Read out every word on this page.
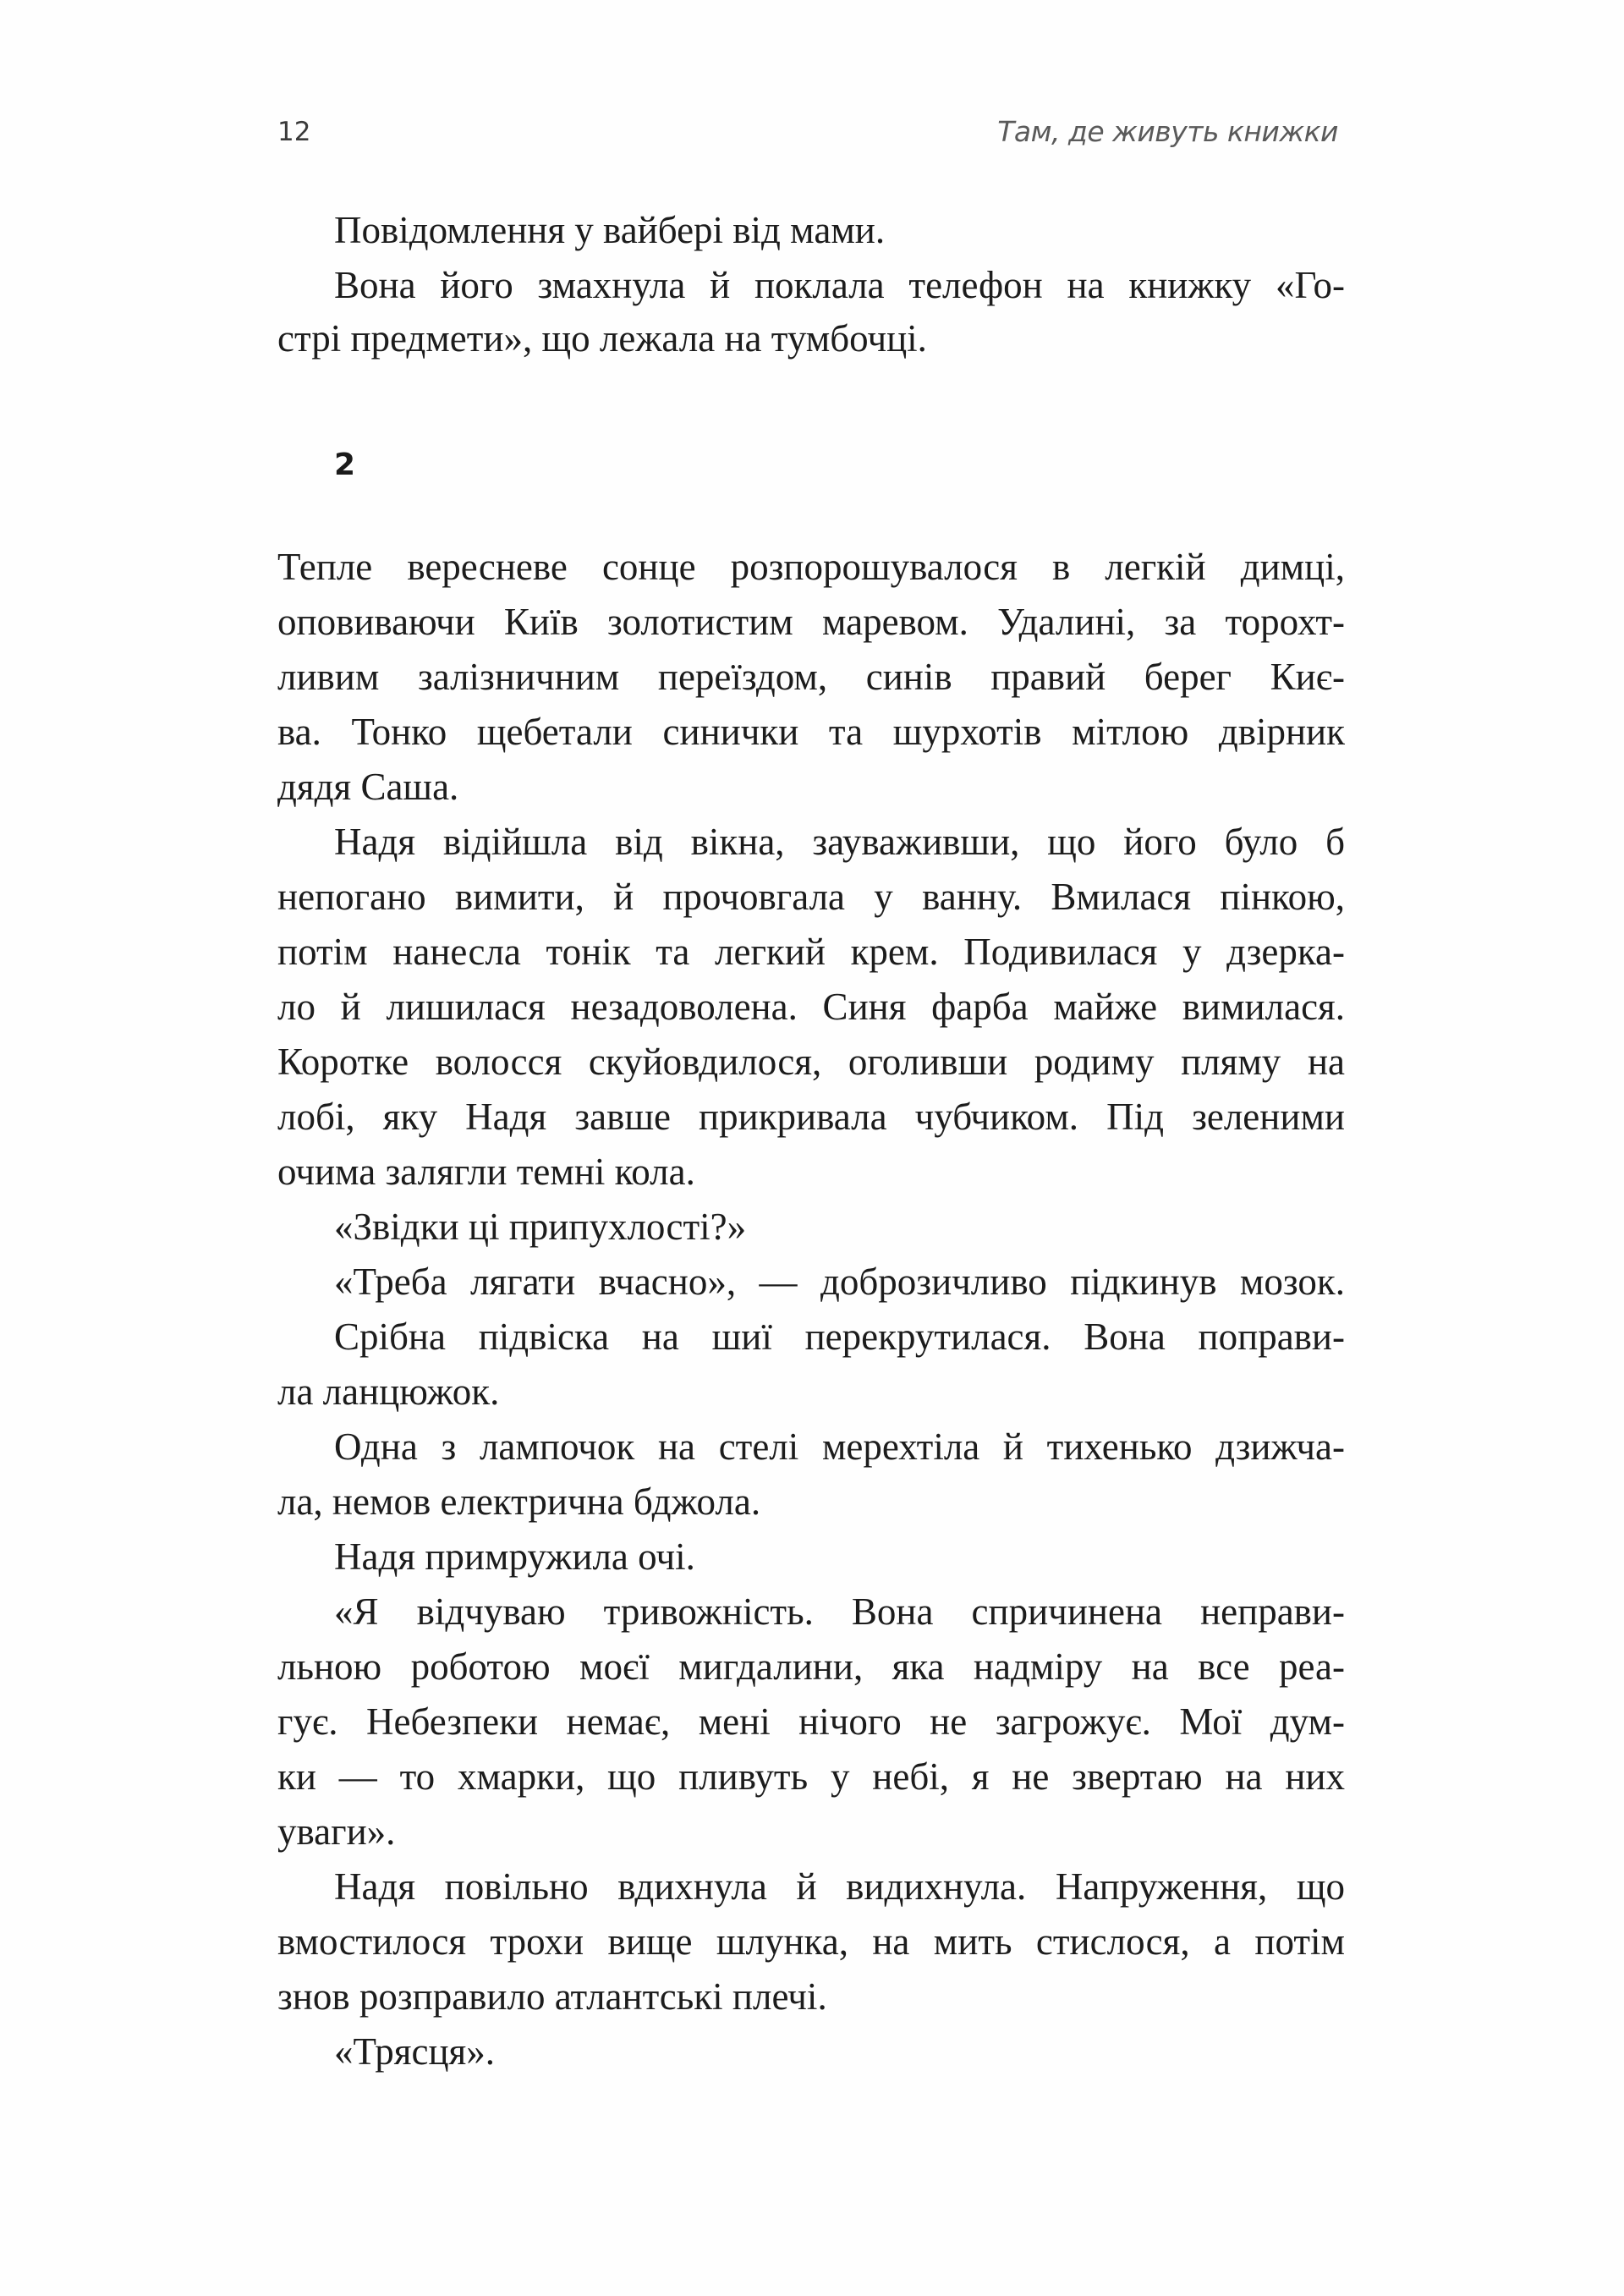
12	Там, де живуть книжки
Повідомлення у вайбері від мами.
Вона його змахнула й поклала телефон на книжку «Го-
стрі предмети», що лежала на тумбочці.
2
Тепле вересневе сонце розпорошувалося в легкій димці,
оповиваючи Київ золотистим маревом. Удалині, за торохт-
ливим залізничним переїздом, синів правий берег Киє-
ва. Тонко щебетали синички та шурхотів мітлою двірник
дядя Саша.
Надя відійшла від вікна, зауваживши, що його було б
непогано вимити, й прочовгала у ванну. Вмилася пінкою,
потім нанесла тонік та легкий крем. Подивилася у дзерка-
ло й лишилася незадоволена. Синя фарба майже вимилася.
Коротке волосся скуйовдилося, оголивши родиму пляму на
лобі, яку Надя завше прикривала чубчиком. Під зеленими
очима залягли темні кола.
«Звідки ці припухлості?»
«Треба лягати вчасно», — доброзичливо підкинув мозок.
Срібна підвіска на шиї перекрутилася. Вона поправи-
ла ланцюжок.
Одна з лампочок на стелі мерехтіла й тихенько дзижча-
ла, немов електрична бджола.
Надя примружила очі.
«Я відчуваю тривожність. Вона спричинена неправи-
льною роботою моєї мигдалини, яка надміру на все реа-
гує. Небезпеки немає, мені нічого не загрожує. Мої дум-
ки — то хмарки, що пливуть у небі, я не звертаю на них
уваги».
Надя повільно вдихнула й видихнула. Напруження, що
вмостилося трохи вище шлунка, на мить стислося, а потім
знов розправило атлантські плечі.
«Трясця».
